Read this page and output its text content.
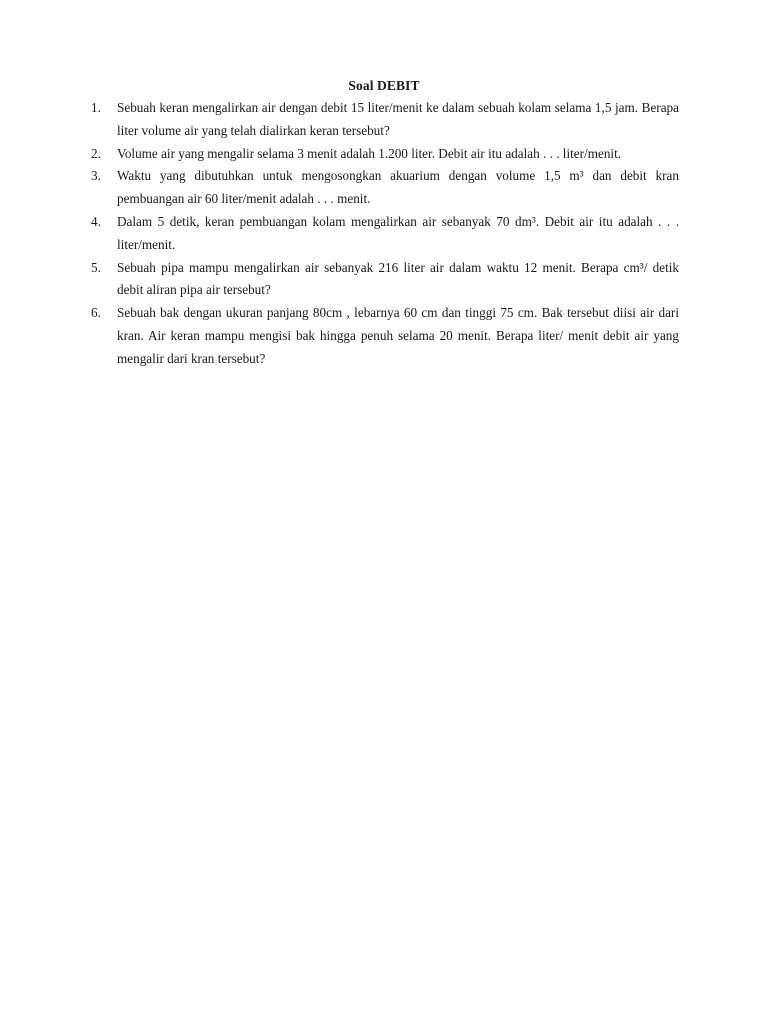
Soal DEBIT
1.	Sebuah keran mengalirkan air dengan debit 15 liter/menit ke dalam sebuah kolam selama 1,5 jam. Berapa liter volume air yang telah dialirkan keran tersebut?
2.	Volume air yang mengalir selama 3 menit adalah 1.200 liter. Debit air itu adalah . . . liter/menit.
3.	Waktu yang dibutuhkan untuk mengosongkan akuarium dengan volume 1,5 m³ dan debit kran pembuangan air 60 liter/menit adalah . . . menit.
4.	Dalam 5 detik, keran pembuangan kolam mengalirkan air sebanyak 70 dm³. Debit air itu adalah . . . liter/menit.
5.	Sebuah pipa mampu mengalirkan air sebanyak 216 liter air dalam waktu 12 menit. Berapa cm³/ detik debit aliran pipa air tersebut?
6.	Sebuah bak dengan ukuran panjang 80cm , lebarnya 60 cm dan tinggi 75 cm. Bak tersebut diisi air dari kran. Air keran mampu mengisi bak hingga penuh selama 20 menit. Berapa liter/ menit debit air yang mengalir dari kran tersebut?
